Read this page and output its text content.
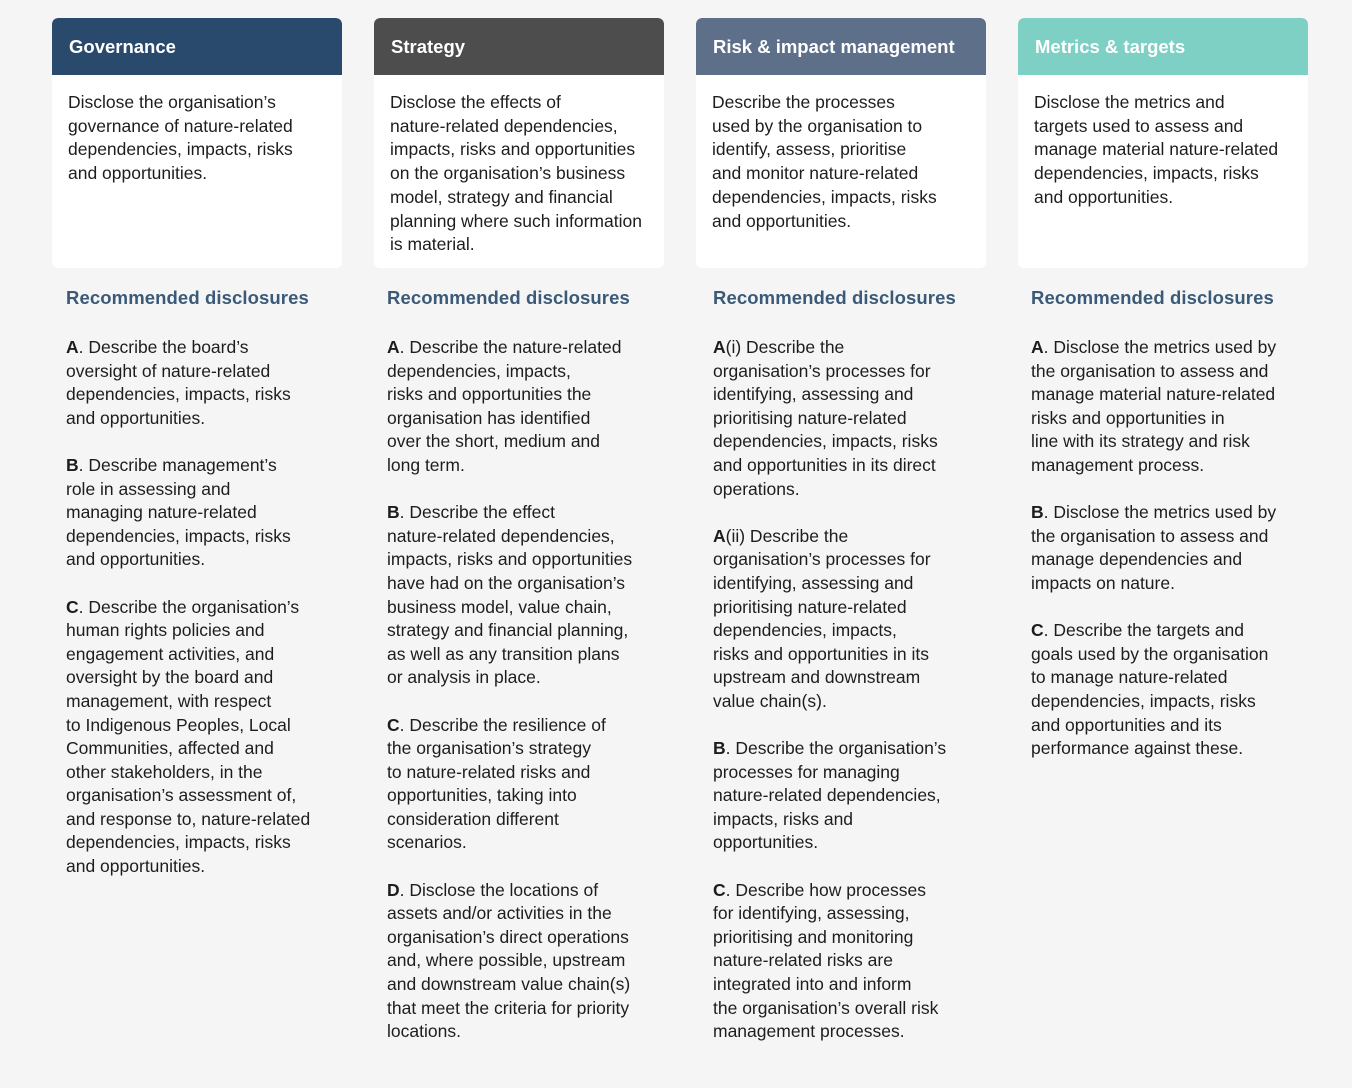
Governance
Disclose the organisation’s
governance of nature-related
dependencies, impacts, risks
and opportunities.
Recommended disclosures
A. Describe the board’s
oversight of nature-related
dependencies, impacts, risks
and opportunities.
B. Describe management’s
role in assessing and
managing nature-related
dependencies, impacts, risks
and opportunities.
C. Describe the organisation’s
human rights policies and
engagement activities, and
oversight by the board and
management, with respect
to Indigenous Peoples, Local
Communities, affected and
other stakeholders, in the
organisation’s assessment of,
and response to, nature-related
dependencies, impacts, risks
and opportunities.
Strategy
Disclose the effects of
nature-related dependencies,
impacts, risks and opportunities
on the organisation’s business
model, strategy and financial
planning where such information
is material.
Recommended disclosures
A. Describe the nature-related
dependencies, impacts,
risks and opportunities the
organisation has identified
over the short, medium and
long term.
B. Describe the effect
nature-related dependencies,
impacts, risks and opportunities
have had on the organisation’s
business model, value chain,
strategy and financial planning,
as well as any transition plans
or analysis in place.
C. Describe the resilience of
the organisation’s strategy
to nature-related risks and
opportunities, taking into
consideration different
scenarios.
D. Disclose the locations of
assets and/or activities in the
organisation’s direct operations
and, where possible, upstream
and downstream value chain(s)
that meet the criteria for priority
locations.
Risk & impact management
Describe the processes
used by the organisation to
identify, assess, prioritise
and monitor nature-related
dependencies, impacts, risks
and opportunities.
Recommended disclosures
A(i) Describe the
organisation’s processes for
identifying, assessing and
prioritising nature-related
dependencies, impacts, risks
and opportunities in its direct
operations.
A(ii) Describe the
organisation’s processes for
identifying, assessing and
prioritising nature-related
dependencies, impacts,
risks and opportunities in its
upstream and downstream
value chain(s).
B. Describe the organisation’s
processes for managing
nature-related dependencies,
impacts, risks and
opportunities.
C. Describe how processes
for identifying, assessing,
prioritising and monitoring
nature-related risks are
integrated into and inform
the organisation’s overall risk
management processes.
Metrics & targets
Disclose the metrics and
targets used to assess and
manage material nature-related
dependencies, impacts, risks
and opportunities.
Recommended disclosures
A. Disclose the metrics used by
the organisation to assess and
manage material nature-related
risks and opportunities in
line with its strategy and risk
management process.
B. Disclose the metrics used by
the organisation to assess and
manage dependencies and
impacts on nature.
C. Describe the targets and
goals used by the organisation
to manage nature-related
dependencies, impacts, risks
and opportunities and its
performance against these.
